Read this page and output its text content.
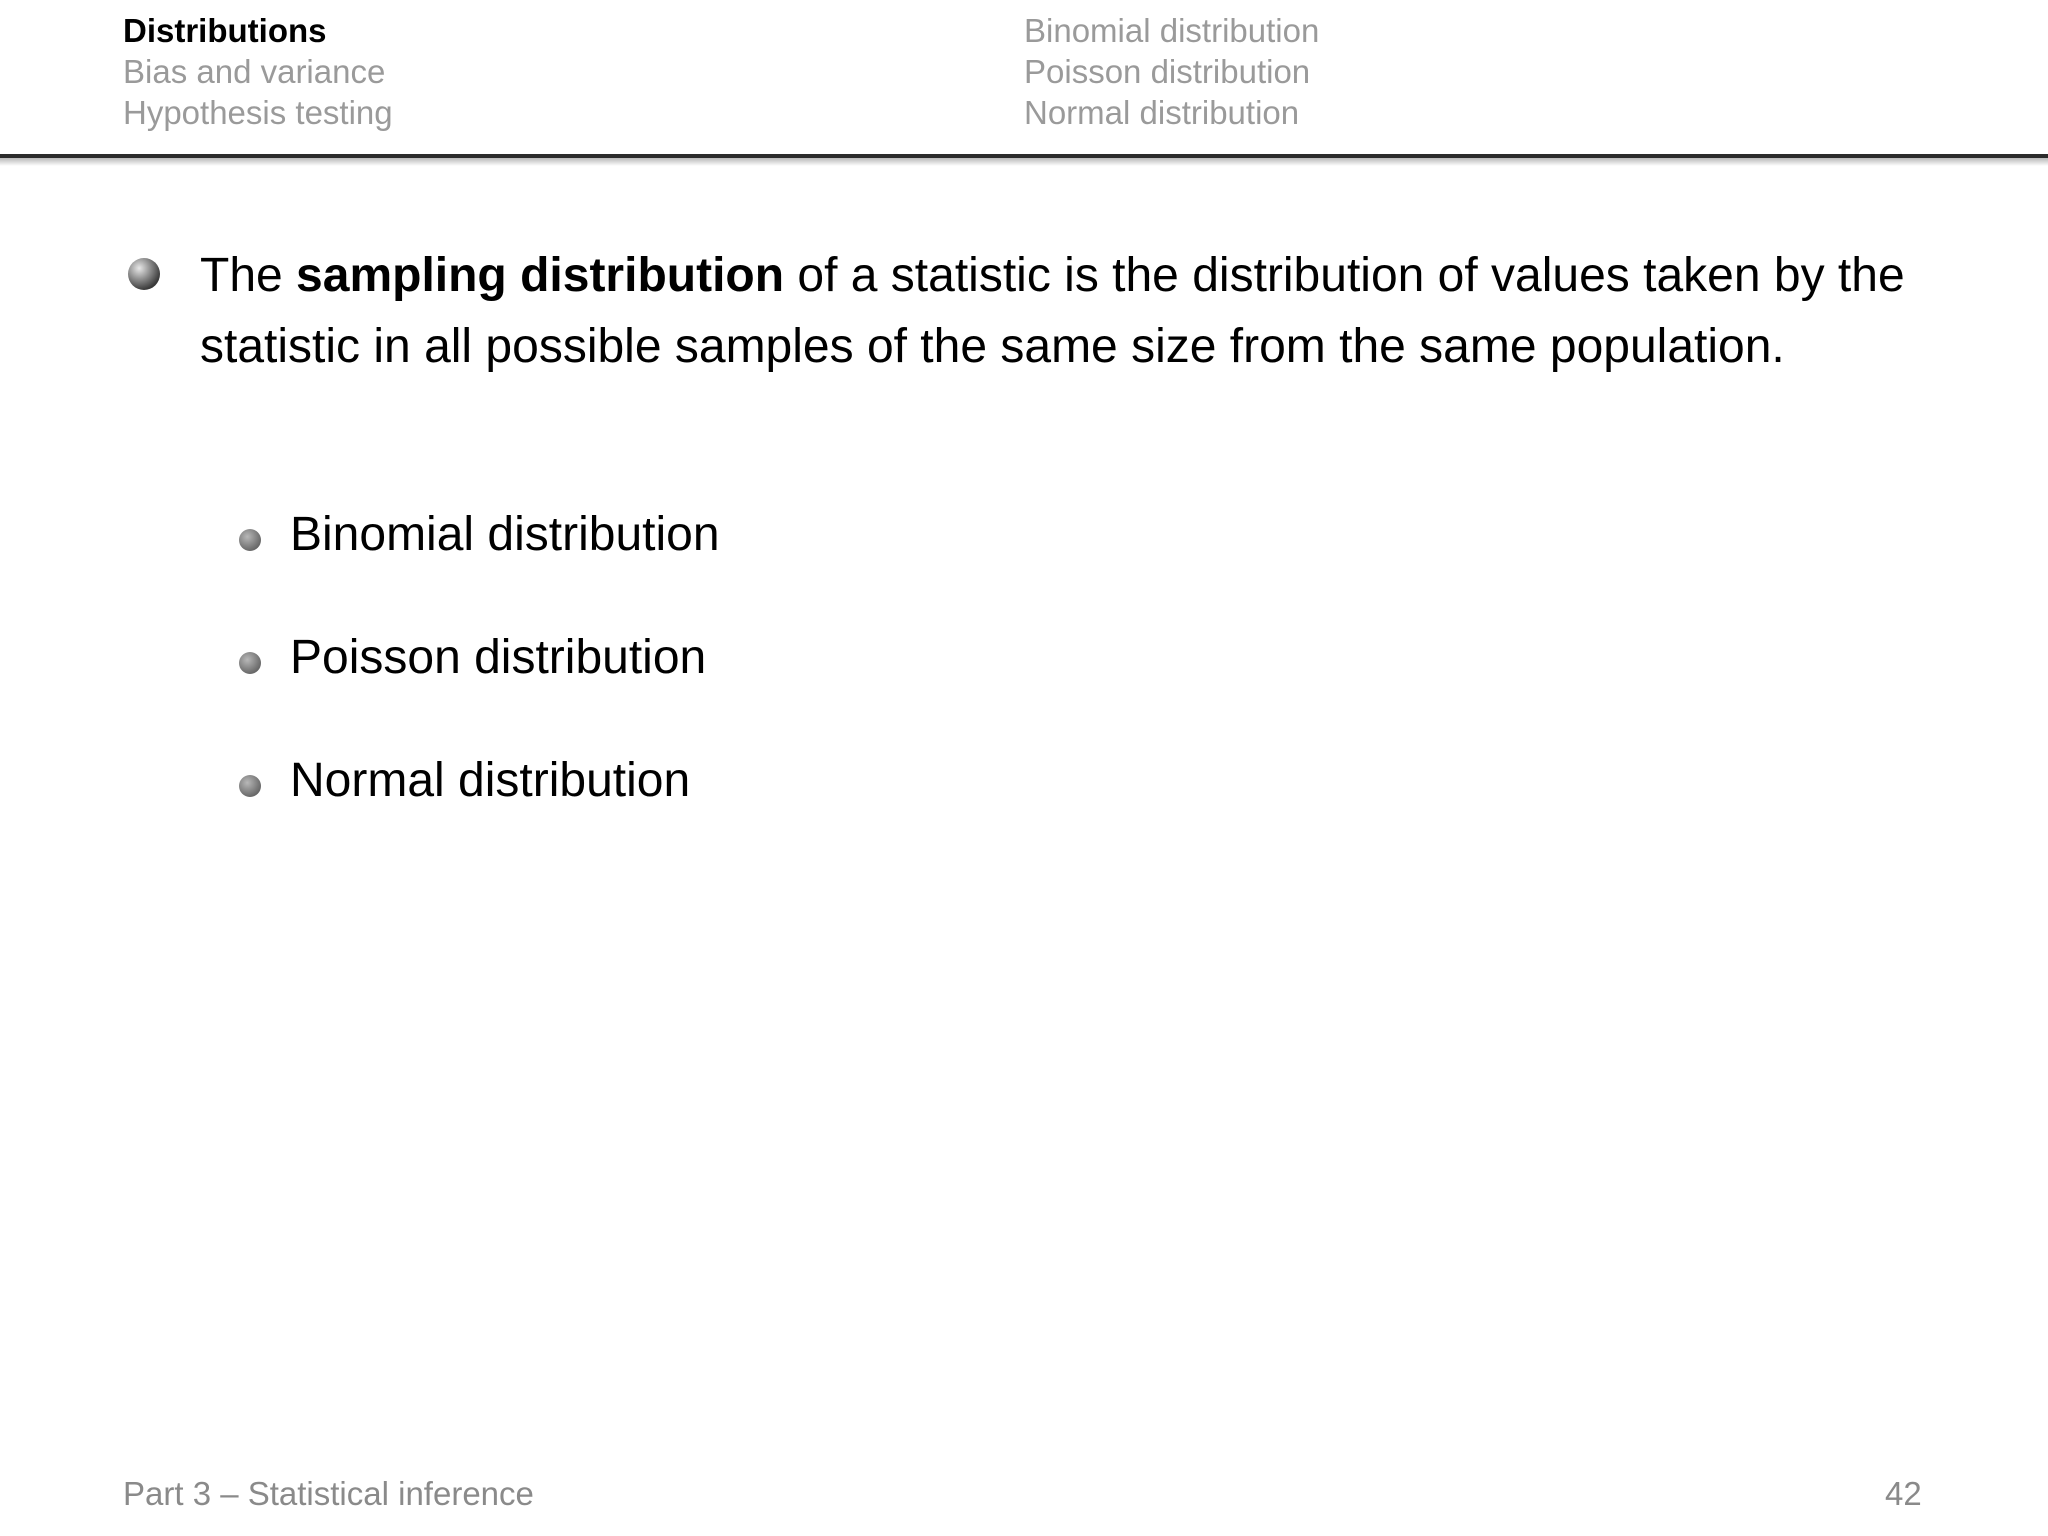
Distributions
Bias and variance
Hypothesis testing
Binomial distribution
Poisson distribution
Normal distribution

The sampling distribution of a statistic is the distribution of values taken by the statistic in all possible samples of the same size from the same population.

Binomial distribution
Poisson distribution
Normal distribution
Part 3 – Statistical inference	42
